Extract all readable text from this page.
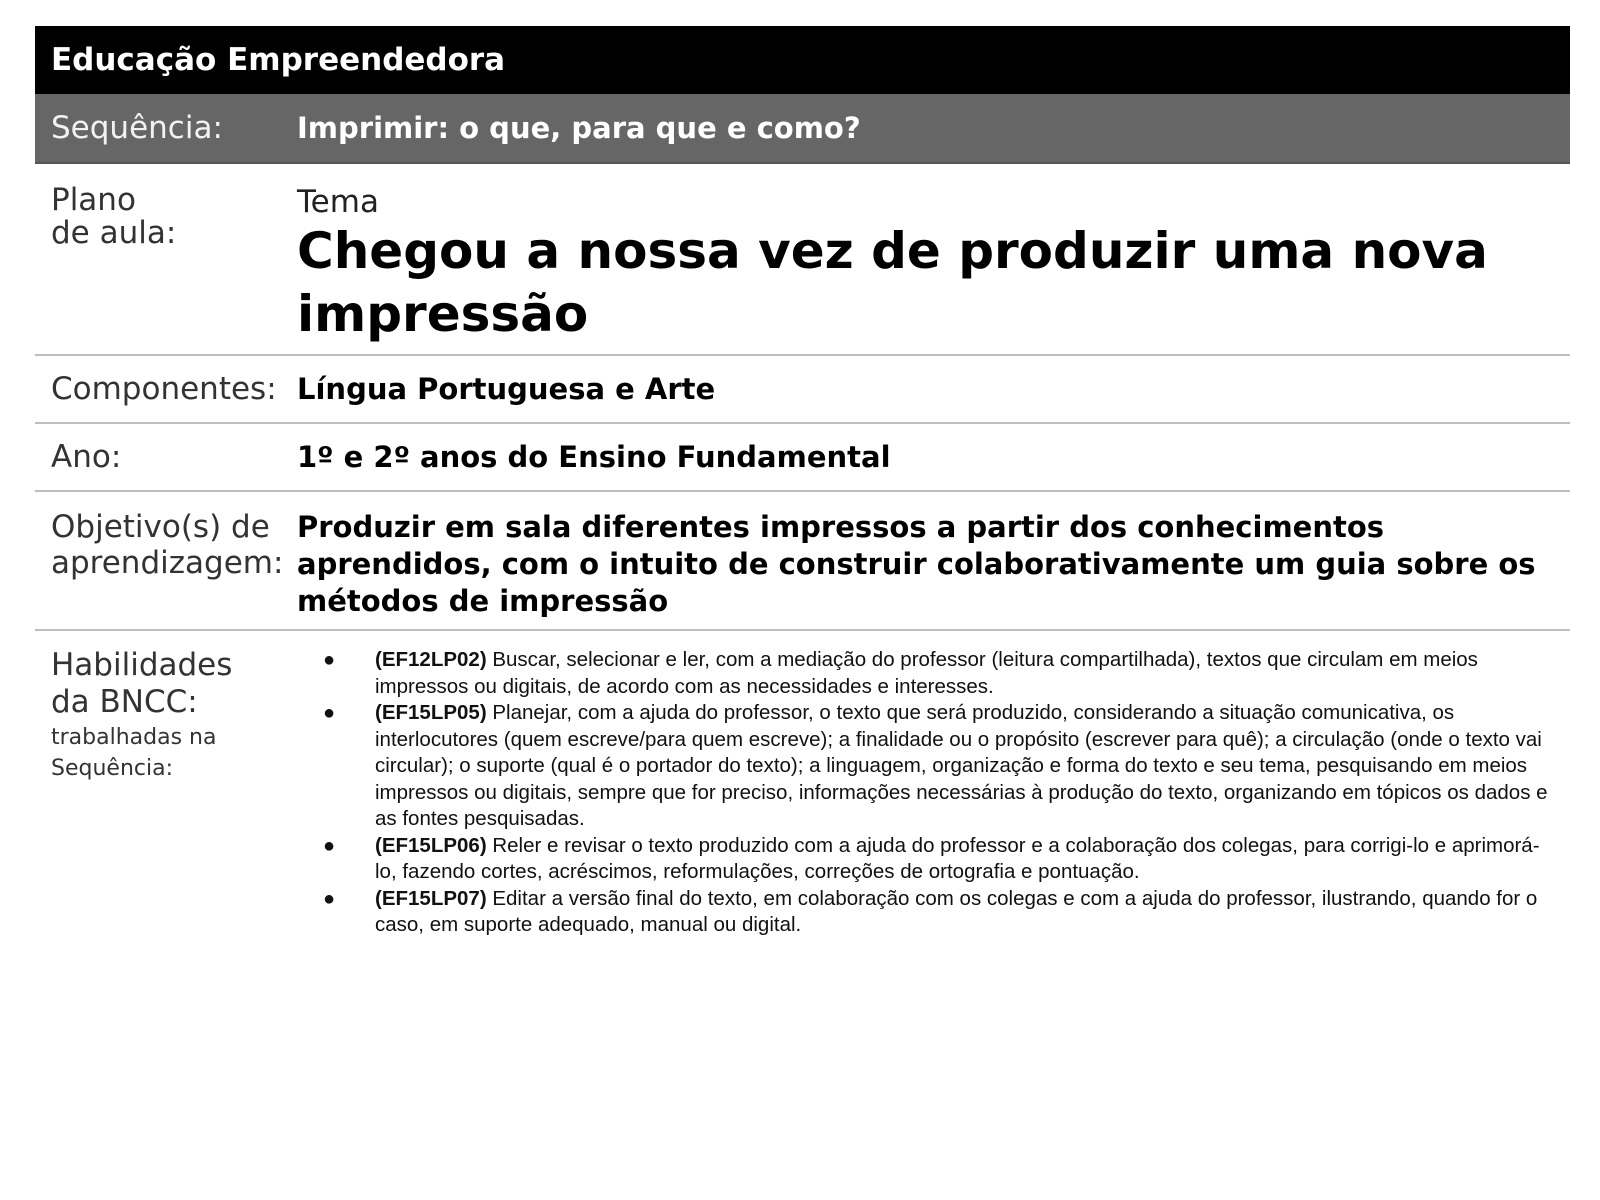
Educação Empreendedora
Sequência:	Imprimir: o que, para que e como?
Plano
de aula:
Tema
Chegou a nossa vez de produzir uma nova impressão
Componentes: Língua Portuguesa e Arte
Ano:	1º e 2º anos do Ensino Fundamental
Objetivo(s) de
aprendizagem:
Produzir em sala diferentes impressos a partir dos conhecimentos aprendidos, com o intuito de construir colaborativamente um guia sobre os métodos de impressão
Habilidades
da BNCC:
trabalhadas na
Sequência:
● (EF12LP02) Buscar, selecionar e ler, com a mediação do professor (leitura compartilhada), textos que circulam em meios impressos ou digitais, de acordo com as necessidades e interesses.
● (EF15LP05) Planejar, com a ajuda do professor, o texto que será produzido, considerando a situação comunicativa, os interlocutores (quem escreve/para quem escreve); a finalidade ou o propósito (escrever para quê); a circulação (onde o texto vai circular); o suporte (qual é o portador do texto); a linguagem, organização e forma do texto e seu tema, pesquisando em meios impressos ou digitais, sempre que for preciso, informações necessárias à produção do texto, organizando em tópicos os dados e as fontes pesquisadas.
● (EF15LP06) Reler e revisar o texto produzido com a ajuda do professor e a colaboração dos colegas, para corrigi-lo e aprimorá-lo, fazendo cortes, acréscimos, reformulações, correções de ortografia e pontuação.
● (EF15LP07) Editar a versão final do texto, em colaboração com os colegas e com a ajuda do professor, ilustrando, quando for o caso, em suporte adequado, manual ou digital.
